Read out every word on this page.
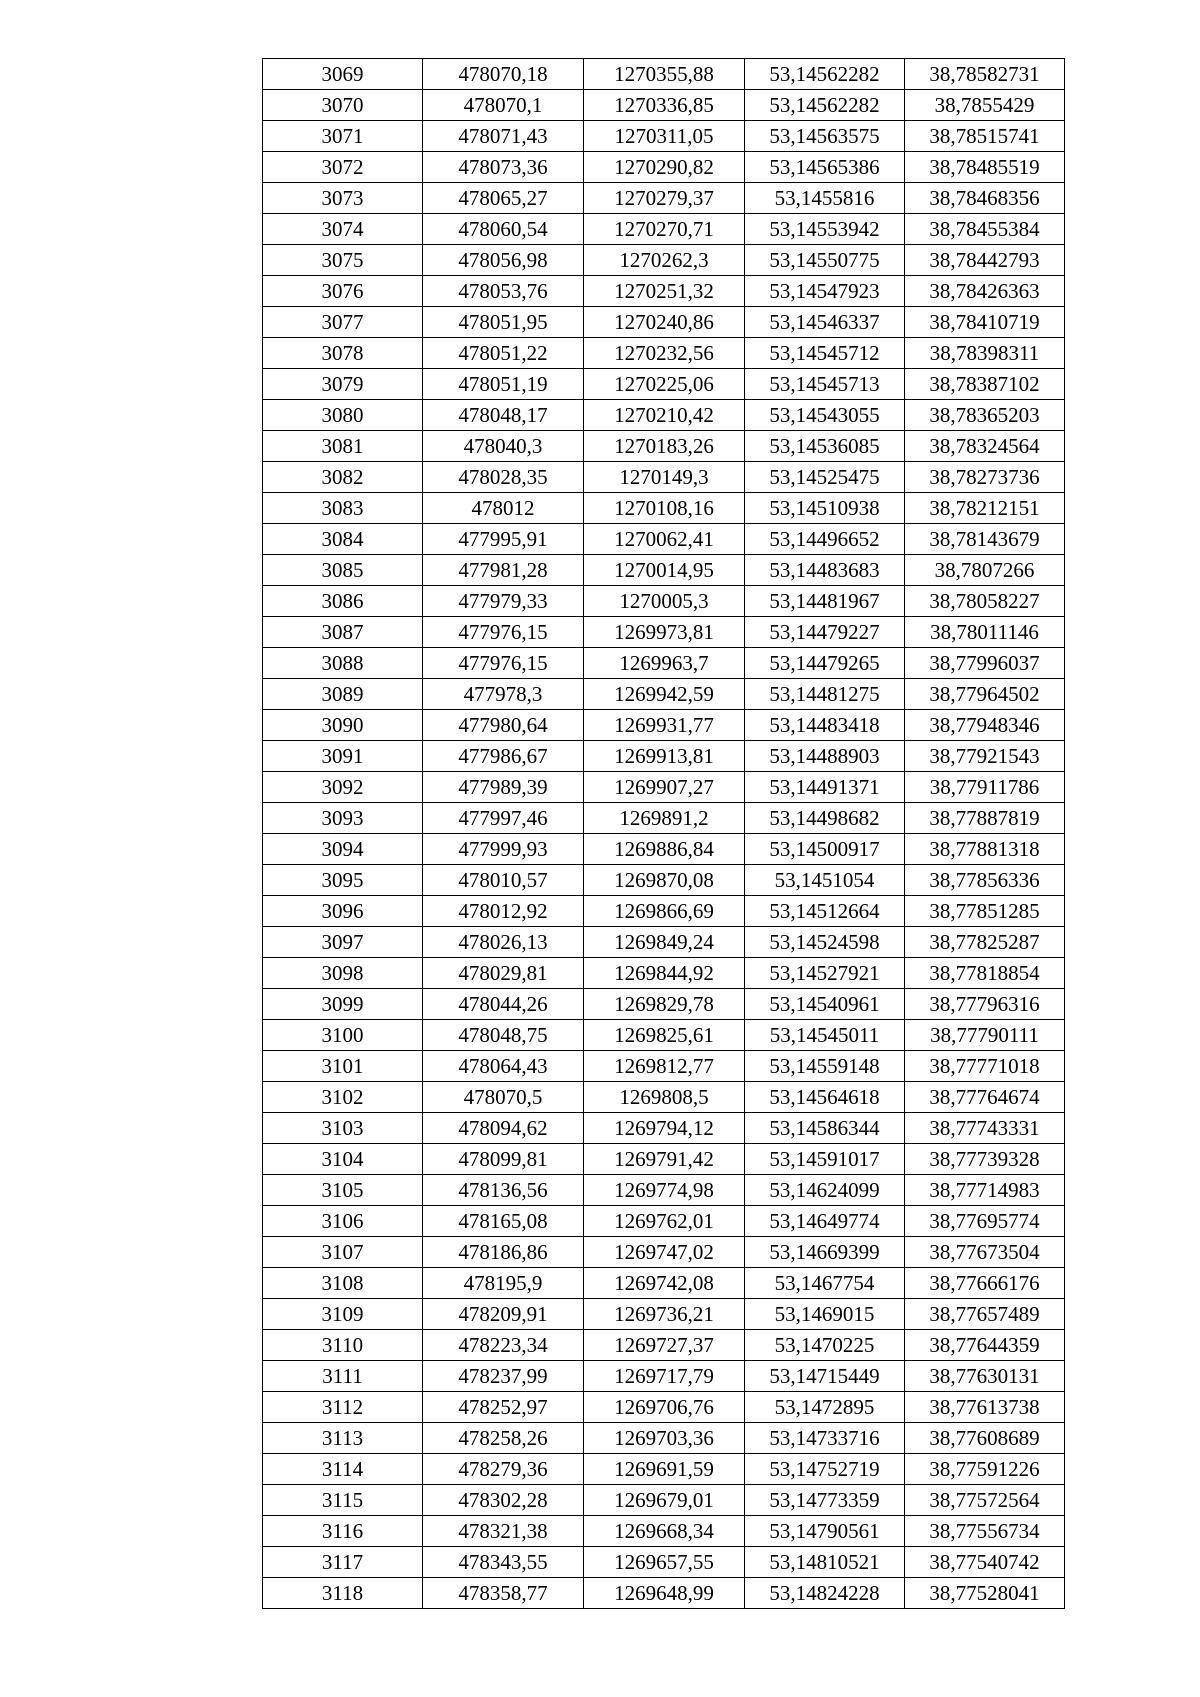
3069	478070,18	1270355,88	53,14562282	38,78582731
3070	478070,1	1270336,85	53,14562282	38,7855429
3071	478071,43	1270311,05	53,14563575	38,78515741
3072	478073,36	1270290,82	53,14565386	38,78485519
3073	478065,27	1270279,37	53,1455816	38,78468356
3074	478060,54	1270270,71	53,14553942	38,78455384
3075	478056,98	1270262,3	53,14550775	38,78442793
3076	478053,76	1270251,32	53,14547923	38,78426363
3077	478051,95	1270240,86	53,14546337	38,78410719
3078	478051,22	1270232,56	53,14545712	38,78398311
3079	478051,19	1270225,06	53,14545713	38,78387102
3080	478048,17	1270210,42	53,14543055	38,78365203
3081	478040,3	1270183,26	53,14536085	38,78324564
3082	478028,35	1270149,3	53,14525475	38,78273736
3083	478012	1270108,16	53,14510938	38,78212151
3084	477995,91	1270062,41	53,14496652	38,78143679
3085	477981,28	1270014,95	53,14483683	38,7807266
3086	477979,33	1270005,3	53,14481967	38,78058227
3087	477976,15	1269973,81	53,14479227	38,78011146
3088	477976,15	1269963,7	53,14479265	38,77996037
3089	477978,3	1269942,59	53,14481275	38,77964502
3090	477980,64	1269931,77	53,14483418	38,77948346
3091	477986,67	1269913,81	53,14488903	38,77921543
3092	477989,39	1269907,27	53,14491371	38,77911786
3093	477997,46	1269891,2	53,14498682	38,77887819
3094	477999,93	1269886,84	53,14500917	38,77881318
3095	478010,57	1269870,08	53,1451054	38,77856336
3096	478012,92	1269866,69	53,14512664	38,77851285
3097	478026,13	1269849,24	53,14524598	38,77825287
3098	478029,81	1269844,92	53,14527921	38,77818854
3099	478044,26	1269829,78	53,14540961	38,77796316
3100	478048,75	1269825,61	53,14545011	38,77790111
3101	478064,43	1269812,77	53,14559148	38,77771018
3102	478070,5	1269808,5	53,14564618	38,77764674
3103	478094,62	1269794,12	53,14586344	38,77743331
3104	478099,81	1269791,42	53,14591017	38,77739328
3105	478136,56	1269774,98	53,14624099	38,77714983
3106	478165,08	1269762,01	53,14649774	38,77695774
3107	478186,86	1269747,02	53,14669399	38,77673504
3108	478195,9	1269742,08	53,1467754	38,77666176
3109	478209,91	1269736,21	53,1469015	38,77657489
3110	478223,34	1269727,37	53,1470225	38,77644359
3111	478237,99	1269717,79	53,14715449	38,77630131
3112	478252,97	1269706,76	53,1472895	38,77613738
3113	478258,26	1269703,36	53,14733716	38,77608689
3114	478279,36	1269691,59	53,14752719	38,77591226
3115	478302,28	1269679,01	53,14773359	38,77572564
3116	478321,38	1269668,34	53,14790561	38,77556734
3117	478343,55	1269657,55	53,14810521	38,77540742
3118	478358,77	1269648,99	53,14824228	38,77528041
